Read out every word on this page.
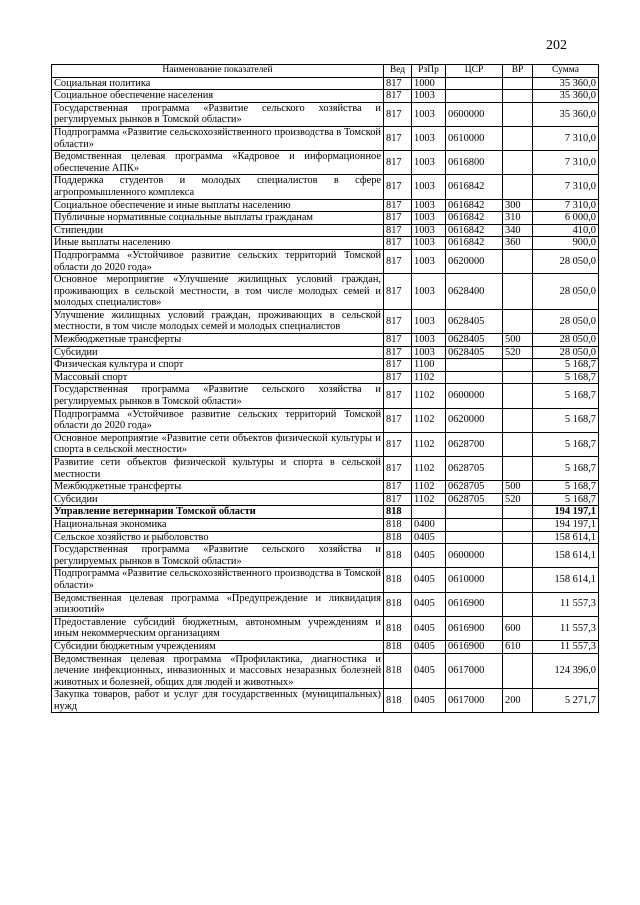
202
Наименование показателей	Вед	РзПр	ЦСР	ВР	Сумма
Социальная политика	817	1000			35 360,0
Социальное обеспечение населения	817	1003			35 360,0
Государственная программа «Развитие сельского хозяйства и регулируемых рынков в Томской области»	817	1003	0600000		35 360,0
Подпрограмма «Развитие сельскохозяйственного производства в Томской области»	817	1003	0610000		7 310,0
Ведомственная целевая программа «Кадровое и информационное обеспечение АПК»	817	1003	0616800		7 310,0
Поддержка студентов и молодых специалистов в сфере агропромышленного комплекса	817	1003	0616842		7 310,0
Социальное обеспечение и иные выплаты населению	817	1003	0616842	300	7 310,0
Публичные нормативные социальные выплаты гражданам	817	1003	0616842	310	6 000,0
Стипендии	817	1003	0616842	340	410,0
Иные выплаты населению	817	1003	0616842	360	900,0
Подпрограмма «Устойчивое развитие сельских территорий Томской области до 2020 года»	817	1003	0620000		28 050,0
Основное мероприятие «Улучшение жилищных условий граждан, проживающих в сельской местности, в том числе молодых семей и молодых специалистов»	817	1003	0628400		28 050,0
Улучшение жилищных условий граждан, проживающих в сельской местности, в том числе молодых семей и молодых специалистов	817	1003	0628405		28 050,0
Межбюджетные трансферты	817	1003	0628405	500	28 050,0
Субсидии	817	1003	0628405	520	28 050,0
Физическая культура и спорт	817	1100			5 168,7
Массовый спорт	817	1102			5 168,7
Государственная программа «Развитие сельского хозяйства и регулируемых рынков в Томской области»	817	1102	0600000		5 168,7
Подпрограмма «Устойчивое развитие сельских территорий Томской области до 2020 года»	817	1102	0620000		5 168,7
Основное мероприятие «Развитие сети объектов физической культуры и спорта в сельской местности»	817	1102	0628700		5 168,7
Развитие сети объектов физической культуры и спорта в сельской местности	817	1102	0628705		5 168,7
Межбюджетные трансферты	817	1102	0628705	500	5 168,7
Субсидии	817	1102	0628705	520	5 168,7
Управление ветеринарии Томской области	818				194 197,1
Национальная экономика	818	0400			194 197,1
Сельское хозяйство и рыболовство	818	0405			158 614,1
Государственная программа «Развитие сельского хозяйства и регулируемых рынков в Томской области»	818	0405	0600000		158 614,1
Подпрограмма «Развитие сельскохозяйственного производства в Томской области»	818	0405	0610000		158 614,1
Ведомственная целевая программа «Предупреждение и ликвидация эпизоотий»	818	0405	0616900		11 557,3
Предоставление субсидий бюджетным, автономным учреждениям и иным некоммерческим организациям	818	0405	0616900	600	11 557,3
Субсидии бюджетным учреждениям	818	0405	0616900	610	11 557,3
Ведомственная целевая программа «Профилактика, диагностика и лечение инфекционных, инвазионных и массовых незаразных болезней животных и болезней, общих для людей и животных»	818	0405	0617000		124 396,0
Закупка товаров, работ и услуг для государственных (муниципальных) нужд	818	0405	0617000	200	5 271,7
